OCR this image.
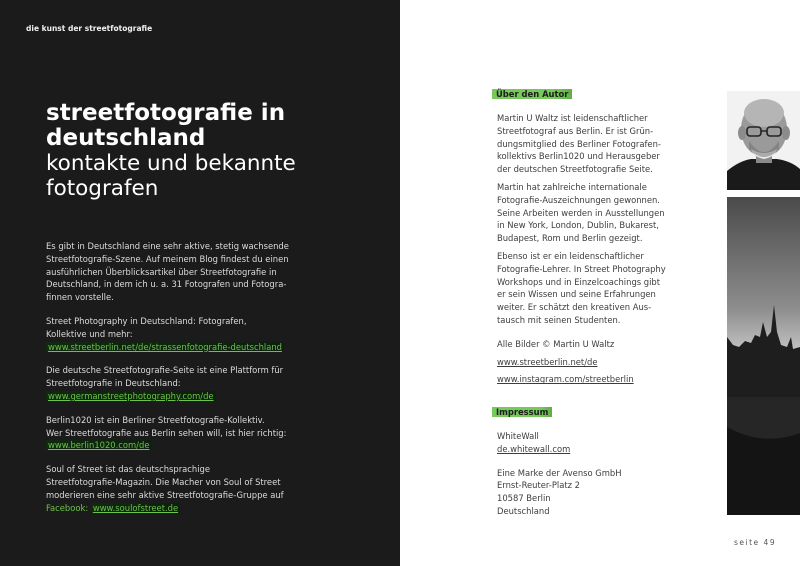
die kunst der streetfotografie
streetfotografie in
deutschland
kontakte und bekannte
fotografen

Es gibt in Deutschland eine sehr aktive, stetig wachsende
Streetfotografie-Szene. Auf meinem Blog findest du einen
ausführlichen Überblicksartikel über Streetfotografie in
Deutschland, in dem ich u. a. 31 Fotografen und Fotogra-
finnen vorstelle.

Street Photography in Deutschland: Fotografen,
Kollektive und mehr:
www.streetberlin.net/de/strassenfotografie-deutschland

Die deutsche Streetfotografie-Seite ist eine Plattform für
Streetfotografie in Deutschland:
www.germanstreetphotography.com/de

Berlin1020 ist ein Berliner Streetfotografie-Kollektiv.
Wer Streetfotografie aus Berlin sehen will, ist hier richtig:
www.berlin1020.com/de

Soul of Street ist das deutschsprachige
Streetfotografie-Magazin. Die Macher von Soul of Street
moderieren eine sehr aktive Streetfotografie-Gruppe auf
Facebook: www.soulofstreet.de

Über den Autor

Martin U Waltz ist leidenschaftlicher
Streetfotograf aus Berlin. Er ist Grün-
dungsmitglied des Berliner Fotografen-
kollektivs Berlin1020 und Herausgeber
der deutschen Streetfotografie Seite.

Martin hat zahlreiche internationale
Fotografie-Auszeichnungen gewonnen.
Seine Arbeiten werden in Ausstellungen
in New York, London, Dublin, Bukarest,
Budapest, Rom und Berlin gezeigt.

Ebenso ist er ein leidenschaftlicher
Fotografie-Lehrer. In Street Photography
Workshops und in Einzelcoachings gibt
er sein Wissen und seine Erfahrungen
weiter. Er schätzt den kreativen Aus-
tausch mit seinen Studenten.

Alle Bilder © Martin U Waltz

www.streetberlin.net/de
www.instagram.com/streetberlin
Impressum

WhiteWall

de.whitewall.com

Eine Marke der Avenso GmbH
Ernst-Reuter-Platz 2
10587 Berlin
Deutschland

seite 49
